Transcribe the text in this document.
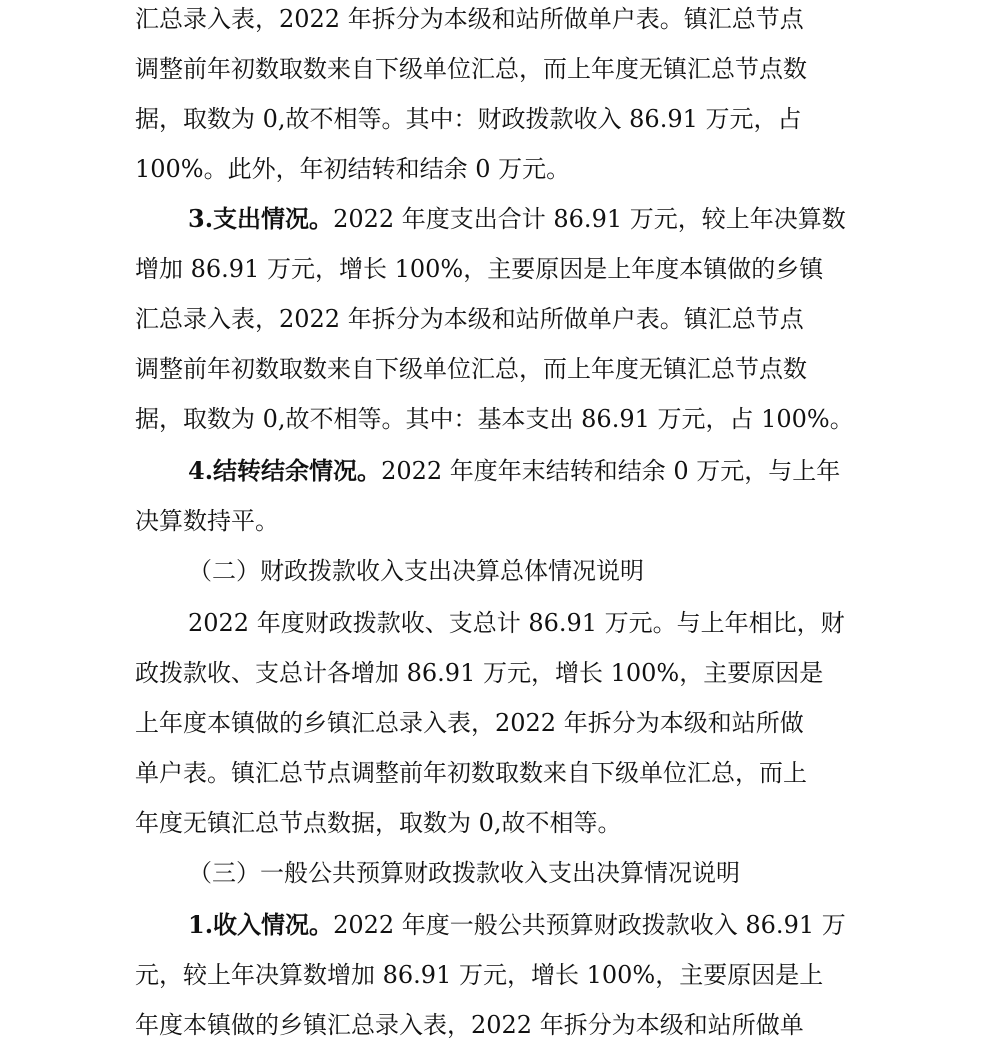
汇总录入表，2022 年拆分为本级和站所做单户表。镇汇总节点
调整前年初数取数来自下级单位汇总，而上年度无镇汇总节点数
据，取数为 0,故不相等。其中：财政拨款收入 86.91 万元，占
100%。此外，年初结转和结余 0 万元。
3.支出情况。2022 年度支出合计 86.91 万元，较上年决算数
增加 86.91 万元，增长 100%，主要原因是上年度本镇做的乡镇
汇总录入表，2022 年拆分为本级和站所做单户表。镇汇总节点
调整前年初数取数来自下级单位汇总，而上年度无镇汇总节点数
据，取数为 0,故不相等。其中：基本支出 86.91 万元，占 100%。
4.结转结余情况。2022 年度年末结转和结余 0 万元，与上年
决算数持平。
（二）财政拨款收入支出决算总体情况说明
2022 年度财政拨款收、支总计 86.91 万元。与上年相比，财
政拨款收、支总计各增加 86.91 万元，增长 100%，主要原因是
上年度本镇做的乡镇汇总录入表，2022 年拆分为本级和站所做
单户表。镇汇总节点调整前年初数取数来自下级单位汇总，而上
年度无镇汇总节点数据，取数为 0,故不相等。
（三）一般公共预算财政拨款收入支出决算情况说明
1.收入情况。2022 年度一般公共预算财政拨款收入 86.91 万
元，较上年决算数增加 86.91 万元，增长 100%，主要原因是上
年度本镇做的乡镇汇总录入表，2022 年拆分为本级和站所做单
